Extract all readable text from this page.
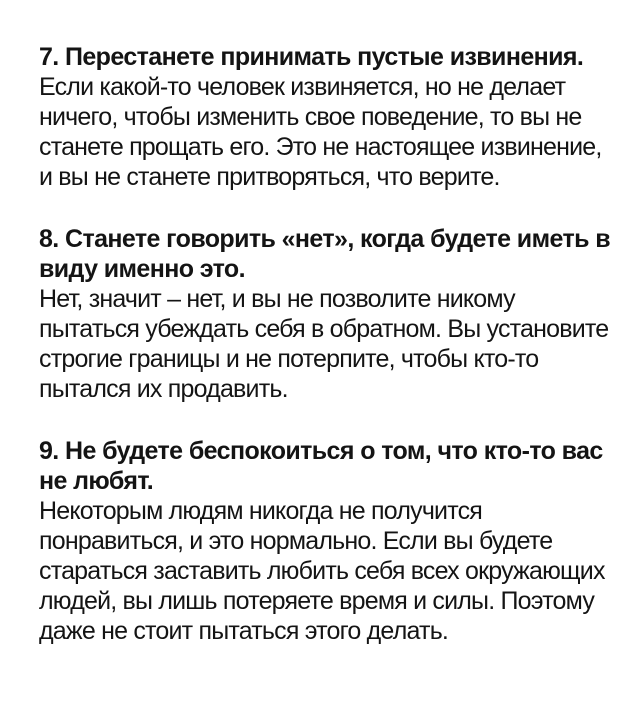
7. Перестанете принимать пустые извинения.

Если какой-то человек извиняется, но не делает ничего, чтобы изменить свое поведение, то вы не станете прощать его. Это не настоящее извинение, и вы не станете притворяться, что верите.

8. Станете говорить «нет», когда будете иметь в виду именно это.

Нет, значит – нет, и вы не позволите никому пытаться убеждать себя в обратном. Вы установите строгие границы и не потерпите, чтобы кто-то пытался их продавить.

9. Не будете беспокоиться о том, что кто-то вас не любят.

Некоторым людям никогда не получится понравиться, и это нормально. Если вы будете стараться заставить любить себя всех окружающих людей, вы лишь потеряете время и силы. Поэтому даже не стоит пытаться этого делать.
